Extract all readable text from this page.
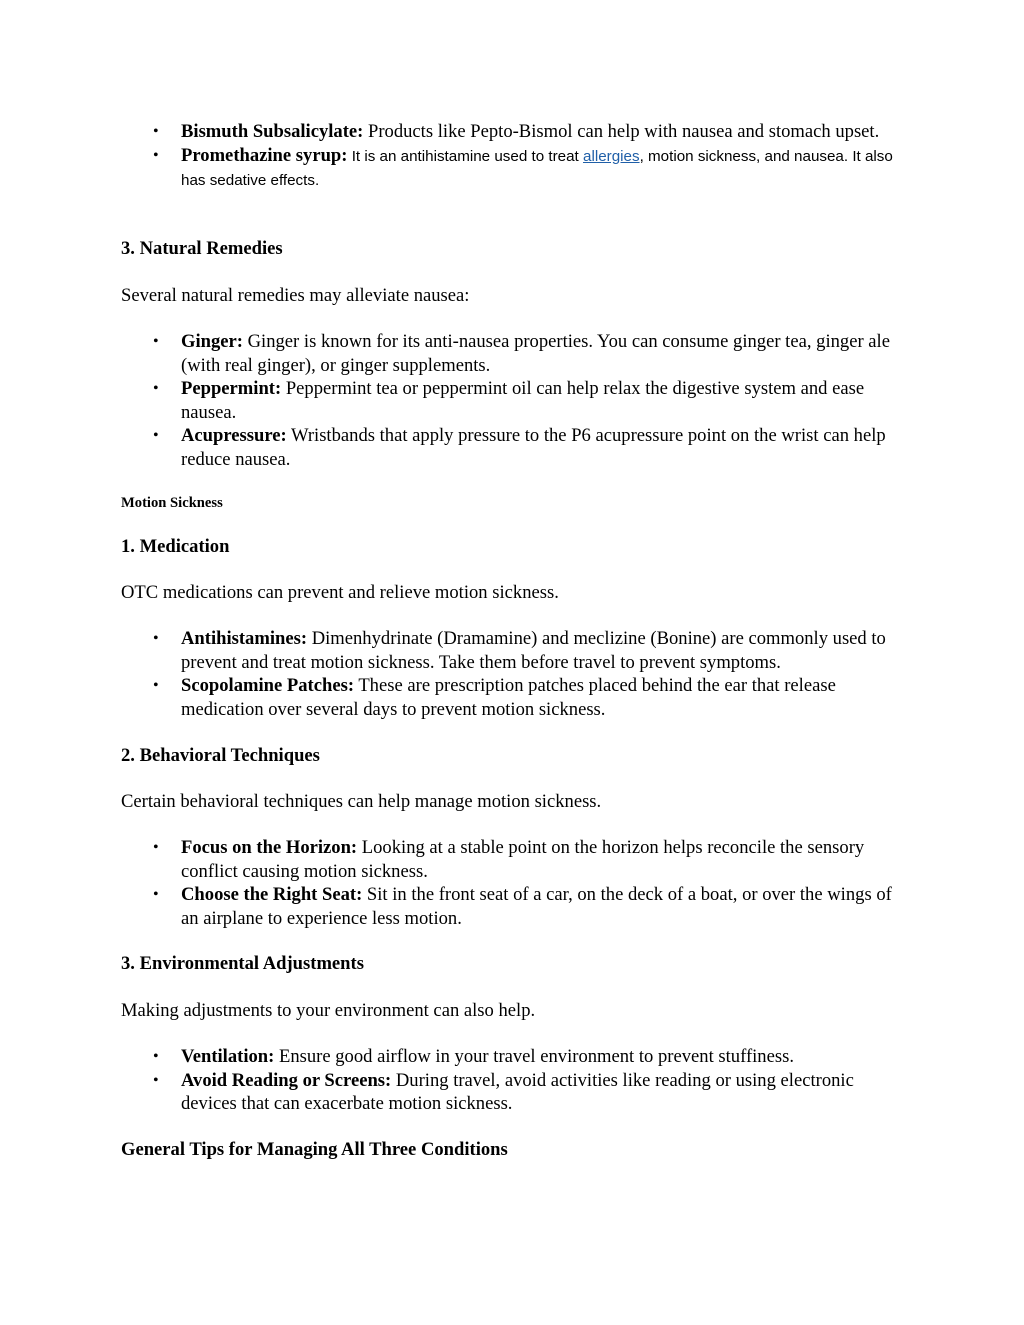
• Bismuth Subsalicylate: Products like Pepto-Bismol can help with nausea and stomach upset.
• Promethazine syrup: It is an antihistamine used to treat allergies, motion sickness, and nausea. It also has sedative effects.
3. Natural Remedies
Several natural remedies may alleviate nausea:
• Ginger: Ginger is known for its anti-nausea properties. You can consume ginger tea, ginger ale (with real ginger), or ginger supplements.
• Peppermint: Peppermint tea or peppermint oil can help relax the digestive system and ease nausea.
• Acupressure: Wristbands that apply pressure to the P6 acupressure point on the wrist can help reduce nausea.
Motion Sickness
1. Medication
OTC medications can prevent and relieve motion sickness.
• Antihistamines: Dimenhydrinate (Dramamine) and meclizine (Bonine) are commonly used to prevent and treat motion sickness. Take them before travel to prevent symptoms.
• Scopolamine Patches: These are prescription patches placed behind the ear that release medication over several days to prevent motion sickness.
2. Behavioral Techniques
Certain behavioral techniques can help manage motion sickness.
• Focus on the Horizon: Looking at a stable point on the horizon helps reconcile the sensory conflict causing motion sickness.
• Choose the Right Seat: Sit in the front seat of a car, on the deck of a boat, or over the wings of an airplane to experience less motion.
3. Environmental Adjustments
Making adjustments to your environment can also help.
• Ventilation: Ensure good airflow in your travel environment to prevent stuffiness.
• Avoid Reading or Screens: During travel, avoid activities like reading or using electronic devices that can exacerbate motion sickness.
General Tips for Managing All Three Conditions
